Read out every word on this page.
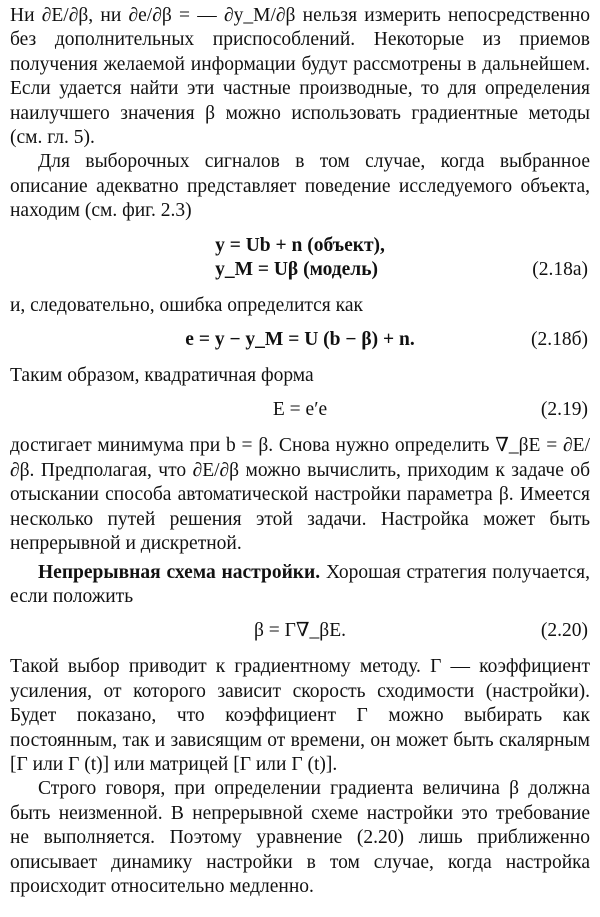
Ни ∂E/∂β, ни ∂e/∂β = — ∂y_M/∂β нельзя измерить непосредственно без дополнительных приспособлений. Некоторые из приемов получения желаемой информации будут рассмотрены в дальнейшем. Если удается найти эти частные производные, то для определения наилучшего значения β можно использовать градиентные методы (см. гл. 5).

Для выборочных сигналов в том случае, когда выбранное описание адекватно представляет поведение исследуемого объекта, находим (см. фиг. 2.3)

y = Ub + n (объект),
y_M = Uβ (модель)	(2.18а)

и, следовательно, ошибка определится как

e = y − y_M = U (b − β) + n.	(2.18б)

Таким образом, квадратичная форма

E = e′e	(2.19)

достигает минимума при b = β. Снова нужно определить ∇_βE = ∂E/∂β. Предполагая, что ∂E/∂β можно вычислить, приходим к задаче об отыскании способа автоматической настройки параметра β. Имеется несколько путей решения этой задачи. Настройка может быть непрерывной и дискретной.

Непрерывная схема настройки. Хорошая стратегия получается, если положить

β = Г∇_βE.	(2.20)

Такой выбор приводит к градиентному методу. Г — коэффициент усиления, от которого зависит скорость сходимости (настройки). Будет показано, что коэффициент Г можно выбирать как постоянным, так и зависящим от времени, он может быть скалярным [Г или Г (t)] или матрицей [Г или Г (t)].

Строго говоря, при определении градиента величина β должна быть неизменной. В непрерывной схеме настройки это требование не выполняется. Поэтому уравнение (2.20) лишь приближенно описывает динамику настройки в том случае, когда настройка происходит относительно медленно.
